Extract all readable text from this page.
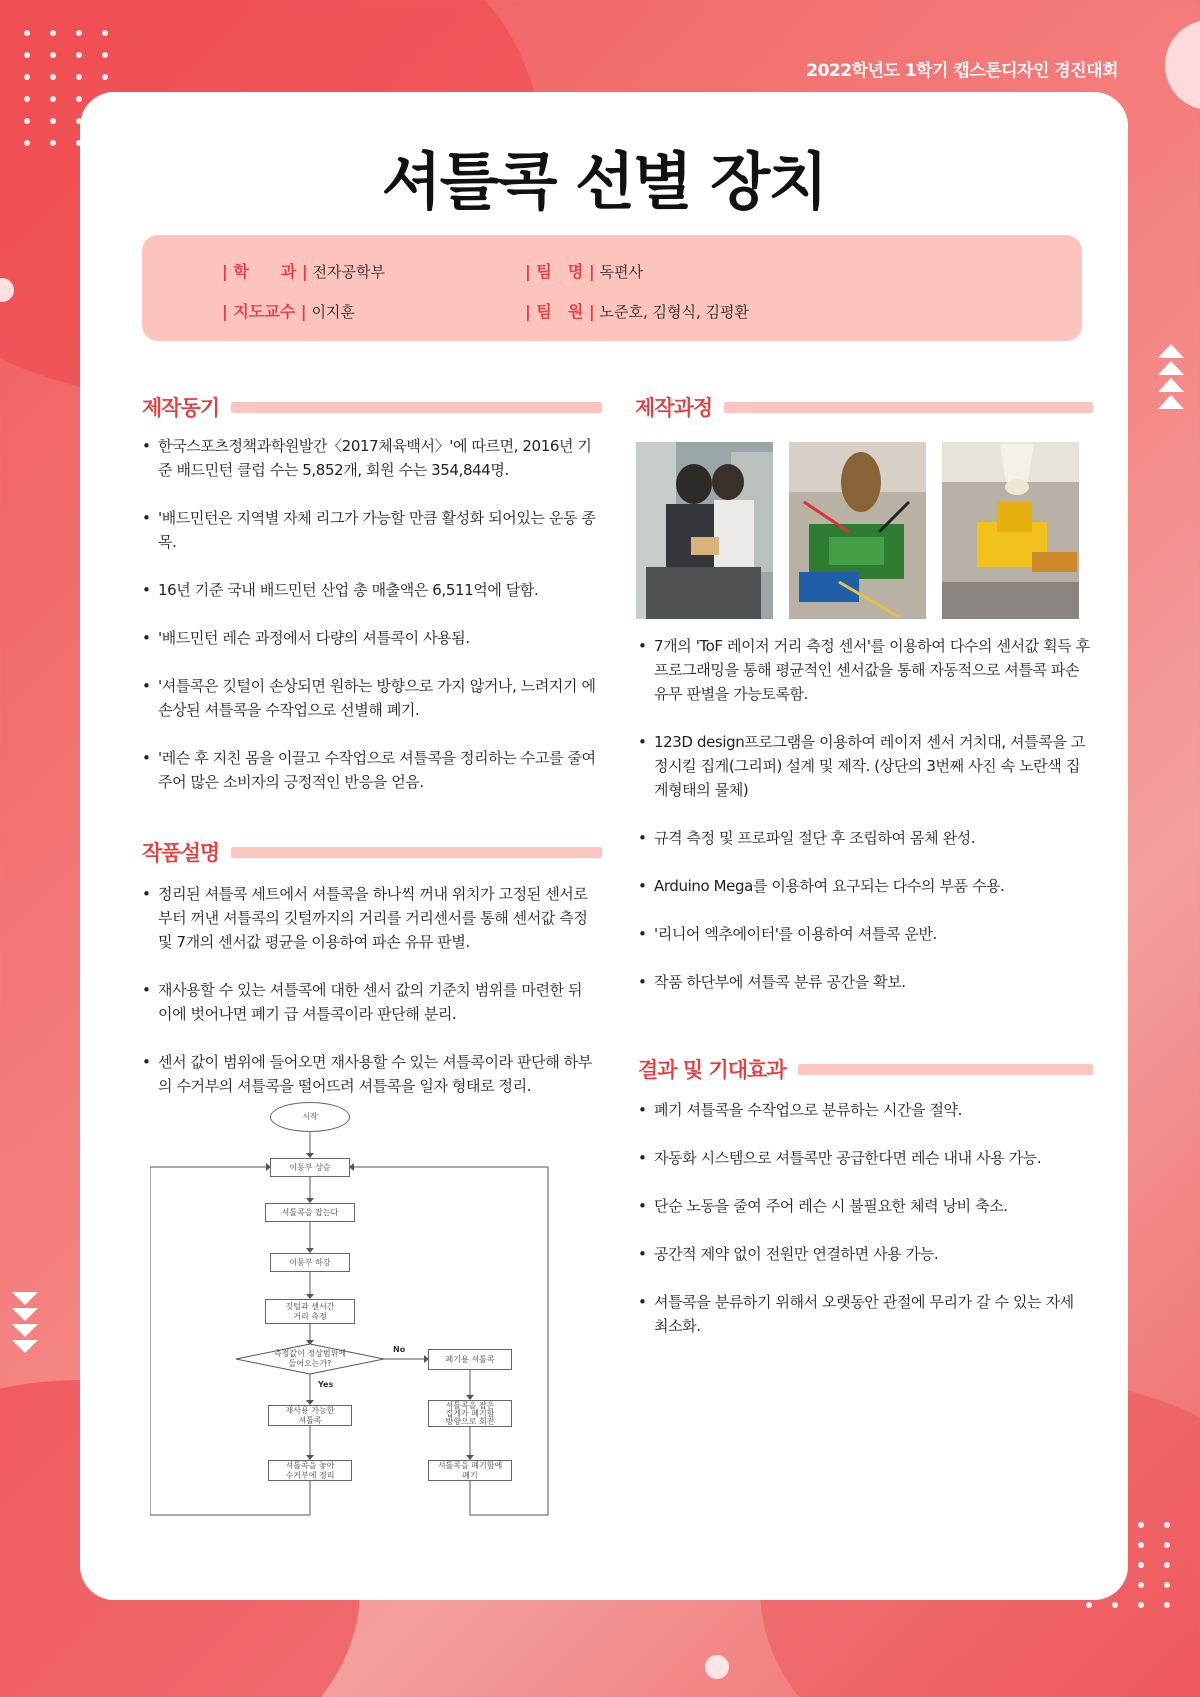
2022학년도 1학기 캡스톤디자인 경진대회
셔틀콕 선별 장치
| 학　　과 | 전자공학부	| 팀　명 | 독편사
| 지도교수 | 이지훈	| 팀　원 | 노준호, 김형식, 김평환
제작동기
• 한국스포츠정책과학원발간〈2017체육백서〉'에 따르면, 2016년 기준 배드민턴 클럽 수는 5,852개, 회원 수는 354,844명.
• '배드민턴은 지역별 자체 리그가 가능할 만큼 활성화 되어있는 운동 종목.
• 16년 기준 국내 배드민턴 산업 총 매출액은 6,511억에 달함.
• '배드민턴 레슨 과정에서 다량의 셔틀콕이 사용됨.
• '셔틀콕은 깃털이 손상되면 원하는 방향으로 가지 않거나, 느려지기 에 손상된 셔틀콕을 수작업으로 선별해 폐기.
• '레슨 후 지친 몸을 이끌고 수작업으로 셔틀콕을 정리하는 수고를 줄여 주어 많은 소비자의 긍정적인 반응을 얻음.
작품설명
• 정리된 셔틀콕 세트에서 셔틀콕을 하나씩 꺼내 위치가 고정된 센서로 부터 꺼낸 셔틀콕의 깃털까지의 거리를 거리센서를 통해 센서값 측정 및 7개의 센서값 평균을 이용하여 파손 유뮤 판별.
• 재사용할 수 있는 셔틀콕에 대한 센서 값의 기준치 범위를 마련한 뒤 이에 벗어나면 폐기 급 셔틀콕이라 판단해 분리.
• 센서 값이 범위에 들어오면 재사용할 수 있는 셔틀콕이라 판단해 하부의 수거부의 셔틀콕을 떨어뜨려 셔틀콕을 일자 형태로 정리.
시작
이동부 상승
셔틀콕을 잡는다
이동부 하강
깃털과 센서간
거리 측정
측정값이 정상범위에
들어오는가?
Yes
No
폐기용 셔틀콕
재사용 가능한
셔틀콕
셔틀콕을 잡은
집게가 폐기함
방향으로 회전
셔틀콕을 놓아
수거부에 정리
셔틀콕을 폐기함에
폐기
제작과정
• 7개의 'ToF 레이저 거리 측정 센서'를 이용하여 다수의 센서값 획득 후 프로그래밍을 통해 평균적인 센서값을 통해 자동적으로 셔틀콕 파손유무 판별을 가능토록함.
• 123D design프로그램을 이용하여 레이저 센서 거치대, 셔틀콕을 고정시킬 집게(그리퍼) 설계 및 제작. (상단의 3번째 사진 속 노란색 집게형태의 물체)
• 규격 측정 및 프로파일 절단 후 조립하여 몸체 완성.
• Arduino Mega를 이용하여 요구되는 다수의 부품 수용.
• '리니어 엑추에이터'를 이용하여 셔틀콕 운반.
• 작품 하단부에 셔틀콕 분류 공간을 확보.
결과 및 기대효과
• 폐기 셔틀콕을 수작업으로 분류하는 시간을 절약.
• 자동화 시스템으로 셔틀콕만 공급한다면 레슨 내내 사용 가능.
• 단순 노동을 줄여 주어 레슨 시 불필요한 체력 낭비 축소.
• 공간적 제약 없이 전원만 연결하면 사용 가능.
• 셔틀콕을 분류하기 위해서 오랫동안 관절에 무리가 갈 수 있는 자세 최소화.
